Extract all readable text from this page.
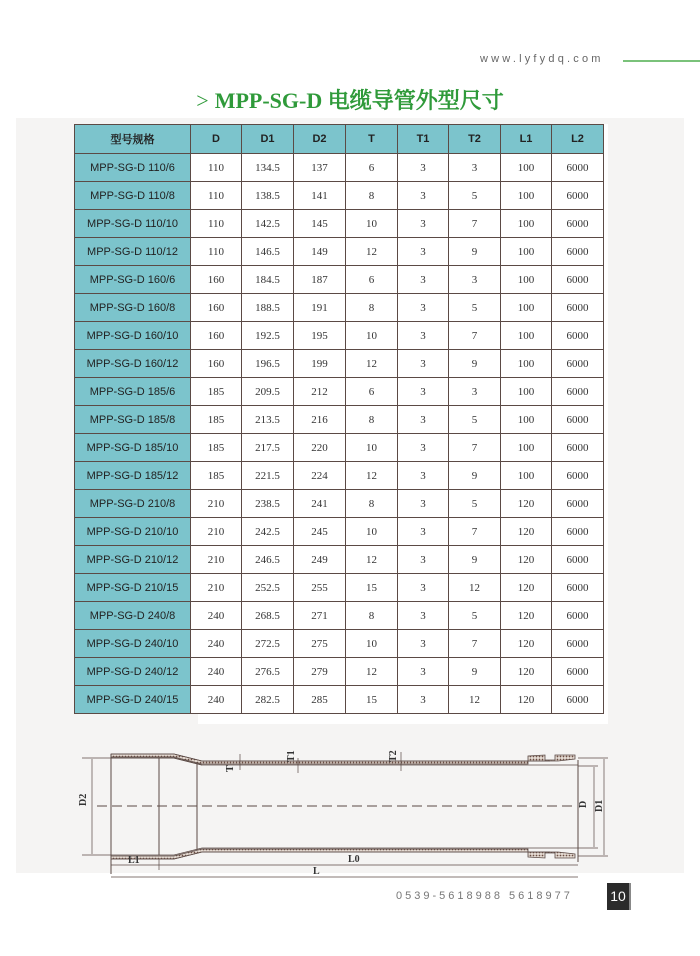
www.lyfydq.com
> MPP-SG-D 电缆导管外型尺寸
型号规格	D	D1	D2	T	T1	T2	L1	L2
MPP-SG-D 110/6	110	134.5	137	6	3	3	100	6000
MPP-SG-D 110/8	110	138.5	141	8	3	5	100	6000
MPP-SG-D 110/10	110	142.5	145	10	3	7	100	6000
MPP-SG-D 110/12	110	146.5	149	12	3	9	100	6000
MPP-SG-D 160/6	160	184.5	187	6	3	3	100	6000
MPP-SG-D 160/8	160	188.5	191	8	3	5	100	6000
MPP-SG-D 160/10	160	192.5	195	10	3	7	100	6000
MPP-SG-D 160/12	160	196.5	199	12	3	9	100	6000
MPP-SG-D 185/6	185	209.5	212	6	3	3	100	6000
MPP-SG-D 185/8	185	213.5	216	8	3	5	100	6000
MPP-SG-D 185/10	185	217.5	220	10	3	7	100	6000
MPP-SG-D 185/12	185	221.5	224	12	3	9	100	6000
MPP-SG-D 210/8	210	238.5	241	8	3	5	120	6000
MPP-SG-D 210/10	210	242.5	245	10	3	7	120	6000
MPP-SG-D 210/12	210	246.5	249	12	3	9	120	6000
MPP-SG-D 210/15	210	252.5	255	15	3	12	120	6000
MPP-SG-D 240/8	240	268.5	271	8	3	5	120	6000
MPP-SG-D 240/10	240	272.5	275	10	3	7	120	6000
MPP-SG-D 240/12	240	276.5	279	12	3	9	120	6000
MPP-SG-D 240/15	240	282.5	285	15	3	12	120	6000
D2	D D1
T
T1	T2
L1	L0
L
0539-5618988 5618977	10
